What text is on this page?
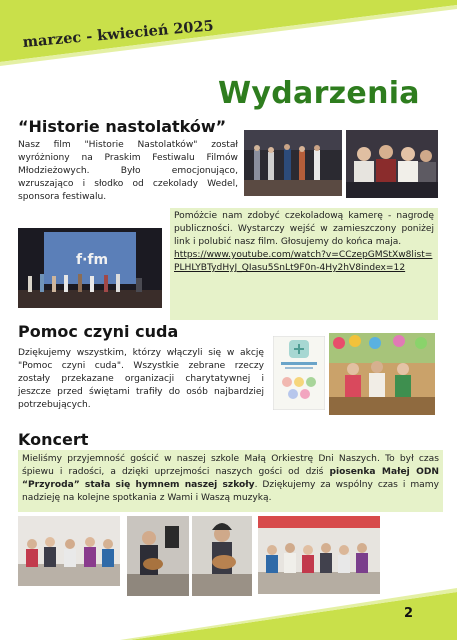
marzec - kwiecień 2025
Wydarzenia
“Historie nastolatków”
Nasz film "Historie Nastolatków" został wyróżniony na Praskim Festiwalu Filmów Młodzieżowych. Było emocjonująco, wzruszająco i słodko od czekolady Wedel, sponsora festiwalu.
Pomóżcie nam zdobyć czekoladową kamerę - nagrodę publiczności. Wystarczy wejść w zamieszczony poniżej link i polubić nasz film. Głosujemy do końca maja.
https://www.youtube.com/watch?v=CCzepGMStXw8list=PLHLYBTydHyJ_QIasu5SnLt9F0n-4Hy2hV8index=12
f·fm
Pomoc czyni cuda
Dziękujemy wszystkim, którzy włączyli się w akcję "Pomoc czyni cuda". Wszystkie zebrane rzeczy zostały przekazane organizacji charytatywnej i jeszcze przed świętami trafiły do osób najbardziej potrzebujących.
Koncert
Mieliśmy przyjemność gościć w naszej szkole Małą Orkiestrę Dni Naszych. To był czas śpiewu i radości, a dzięki uprzejmości naszych gości od dziś piosenka Małej ODN “Przyroda” stała się hymnem naszej szkoły. Dziękujemy za wspólny czas i mamy nadzieję na kolejne spotkania z Wami i Waszą muzyką.
2
